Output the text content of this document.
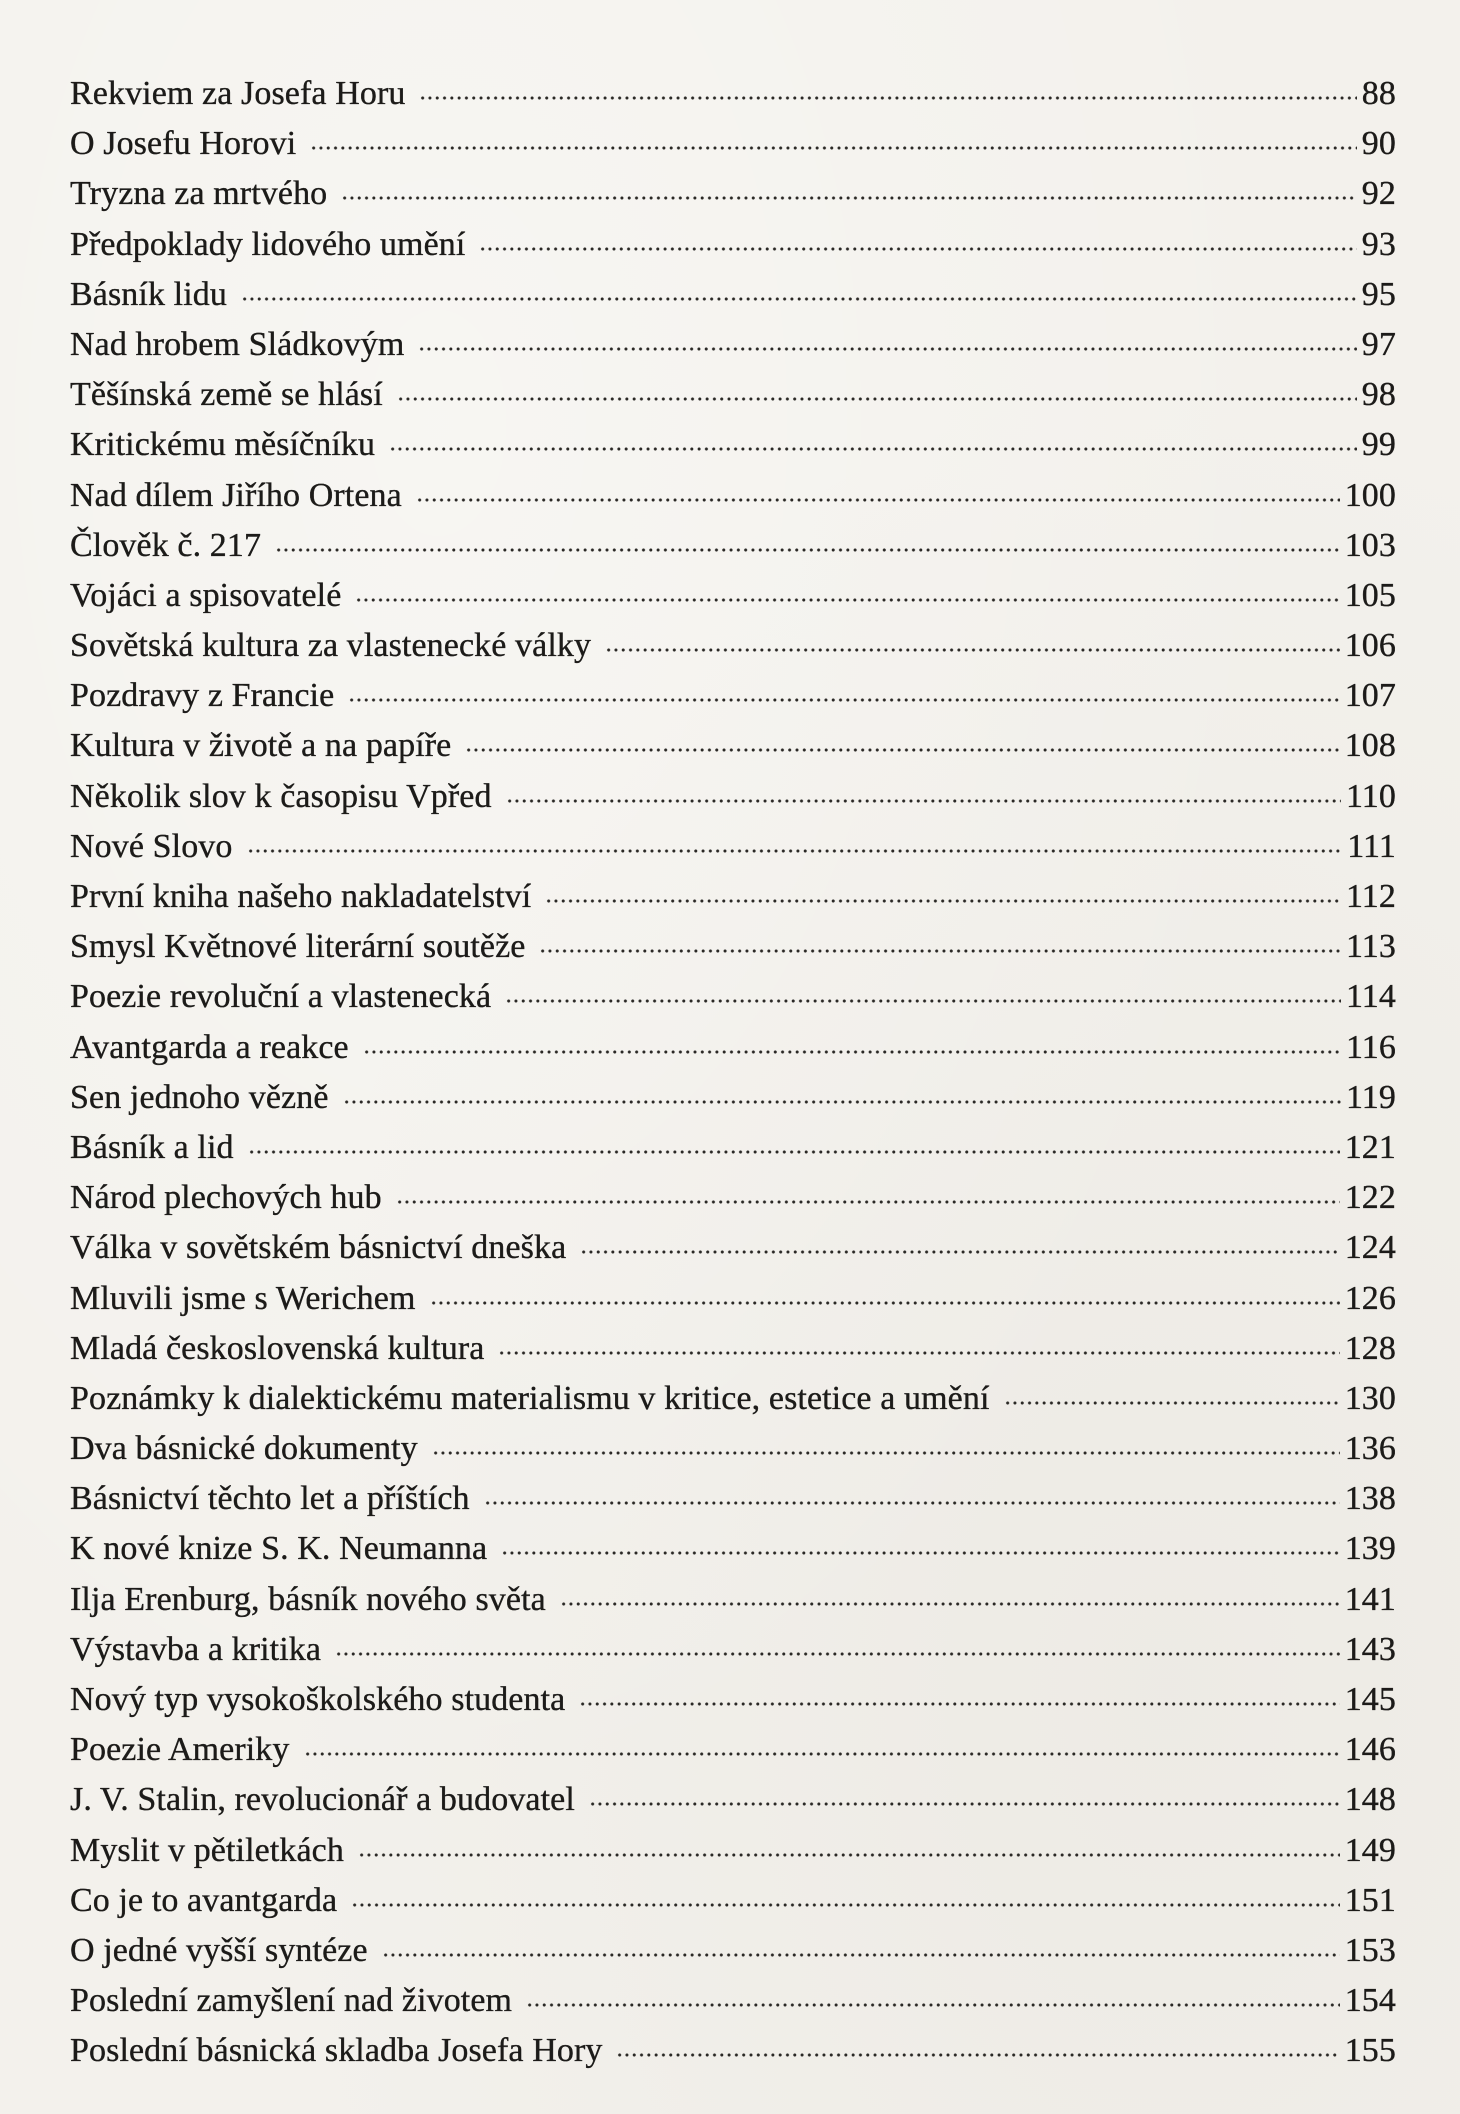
Rekviem za Josefa Horu	88
O Josefu Horovi	90
Tryzna za mrtvého	92
Předpoklady lidového umění	93
Básník lidu	95
Nad hrobem Sládkovým	97
Těšínská země se hlásí	98
Kritickému měsíčníku	99
Nad dílem Jiřího Ortena	100
Člověk č. 217	103
Vojáci a spisovatelé	105
Sovětská kultura za vlastenecké války	106
Pozdravy z Francie	107
Kultura v životě a na papíře	108
Několik slov k časopisu Vpřed	110
Nové Slovo	111
První kniha našeho nakladatelství	112
Smysl Květnové literární soutěže	113
Poezie revoluční a vlastenecká	114
Avantgarda a reakce	116
Sen jednoho vězně	119
Básník a lid	121
Národ plechových hub	122
Válka v sovětském básnictví dneška	124
Mluvili jsme s Werichem	126
Mladá československá kultura	128
Poznámky k dialektickému materialismu v kritice, estetice a umění	130
Dva básnické dokumenty	136
Básnictví těchto let a příštích	138
K nové knize S. K. Neumanna	139
Ilja Erenburg, básník nového světa	141
Výstavba a kritika	143
Nový typ vysokoškolského studenta	145
Poezie Ameriky	146
J. V. Stalin, revolucionář a budovatel	148
Myslit v pětiletkách	149
Co je to avantgarda	151
O jedné vyšší syntéze	153
Poslední zamyšlení nad životem	154
Poslední básnická skladba Josefa Hory	155
